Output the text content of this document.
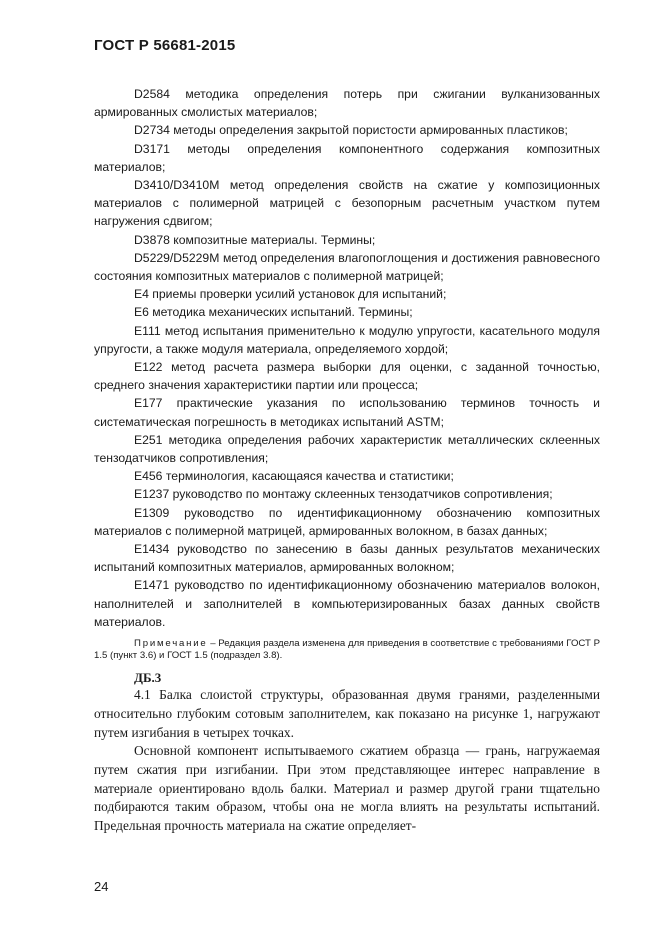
ГОСТ Р 56681-2015

D2584 методика определения потерь при сжигании вулканизованных армированных смолистых материалов;

D2734 методы определения закрытой пористости армированных пластиков;

D3171 методы определения компонентного содержания композитных материалов;

D3410/D3410M метод определения свойств на сжатие у композиционных материалов с полимерной матрицей с безопорным расчетным участком путем нагружения сдвигом;

D3878 композитные материалы. Термины;

D5229/D5229M метод определения влагопоглощения и достижения равновесного состояния композитных материалов с полимерной матрицей;

E4 приемы проверки усилий установок для испытаний;

E6 методика механических испытаний. Термины;

E111 метод испытания применительно к модулю упругости, касательного модуля упругости, а также модуля материала, определяемого хордой;

E122 метод расчета размера выборки для оценки, с заданной точностью, среднего значения характеристики партии или процесса;

E177 практические указания по использованию терминов точность и систематическая погрешность в методиках испытаний ASTM;

E251 методика определения рабочих характеристик металлических склеенных тензодатчиков сопротивления;

E456 терминология, касающаяся качества и статистики;

E1237 руководство по монтажу склеенных тензодатчиков сопротивления;

E1309 руководство по идентификационному обозначению композитных материалов с полимерной матрицей, армированных волокном, в базах данных;

E1434 руководство по занесению в базы данных результатов механических испытаний композитных материалов, армированных волокном;

E1471 руководство по идентификационному обозначению материалов волокон, наполнителей и заполнителей в компьютеризированных базах данных свойств материалов.

Примечание – Редакция раздела изменена для приведения в соответствие с требованиями ГОСТ Р 1.5 (пункт 3.6) и ГОСТ 1.5 (подраздел 3.8).

ДБ.3

4.1 Балка слоистой структуры, образованная двумя гранями, разделенными относительно глубоким сотовым заполнителем, как показано на рисунке 1, нагружают путем изгибания в четырех точках.

Основной компонент испытываемого сжатием образца — грань, нагружаемая путем сжатия при изгибании. При этом представляющее интерес направление в материале ориентировано вдоль балки. Материал и размер другой грани тщательно подбираются таким образом, чтобы она не могла влиять на результаты испытаний. Предельная прочность материала на сжатие определяет-

24
